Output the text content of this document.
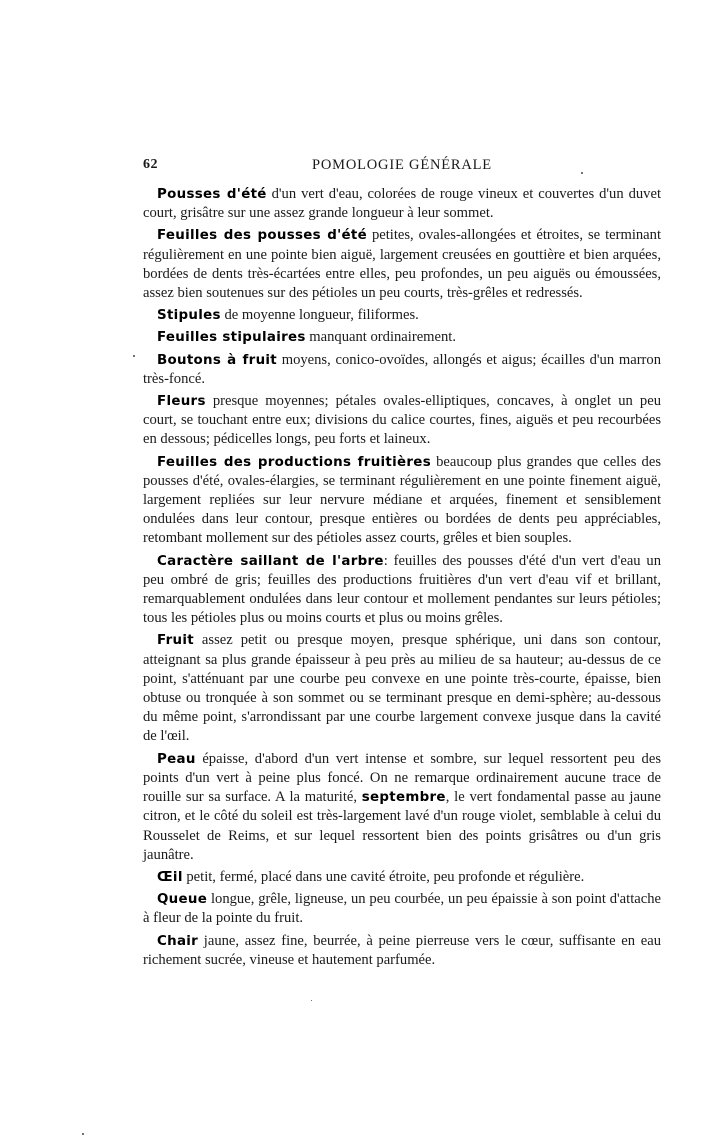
62	POMOLOGIE GÉNÉRALE

Pousses d'été d'un vert d'eau, colorées de rouge vineux et couvertes d'un duvet court, grisâtre sur une assez grande longueur à leur sommet.

Feuilles des pousses d'été petites, ovales-allongées et étroites, se terminant régulièrement en une pointe bien aiguë, largement creusées en gouttière et bien arquées, bordées de dents très-écartées entre elles, peu profondes, un peu aiguës ou émoussées, assez bien soutenues sur des pétioles un peu courts, très-grêles et redressés.

Stipules de moyenne longueur, filiformes.

Feuilles stipulaires manquant ordinairement.

Boutons à fruit moyens, conico-ovoïdes, allongés et aigus; écailles d'un marron très-foncé.

Fleurs presque moyennes; pétales ovales-elliptiques, concaves, à onglet un peu court, se touchant entre eux; divisions du calice courtes, fines, aiguës et peu recourbées en dessous; pédicelles longs, peu forts et laineux.

Feuilles des productions fruitières beaucoup plus grandes que celles des pousses d'été, ovales-élargies, se terminant régulièrement en une pointe finement aiguë, largement repliées sur leur nervure médiane et arquées, finement et sensiblement ondulées dans leur contour, presque entières ou bordées de dents peu appréciables, retombant mollement sur des pétioles assez courts, grêles et bien souples.

Caractère saillant de l'arbre: feuilles des pousses d'été d'un vert d'eau un peu ombré de gris; feuilles des productions fruitières d'un vert d'eau vif et brillant, remarquablement ondulées dans leur contour et mollement pendantes sur leurs pétioles; tous les pétioles plus ou moins courts et plus ou moins grêles.

Fruit assez petit ou presque moyen, presque sphérique, uni dans son contour, atteignant sa plus grande épaisseur à peu près au milieu de sa hauteur; au-dessus de ce point, s'atténuant par une courbe peu convexe en une pointe très-courte, épaisse, bien obtuse ou tronquée à son sommet ou se terminant presque en demi-sphère; au-dessous du même point, s'arrondissant par une courbe largement convexe jusque dans la cavité de l'œil.

Peau épaisse, d'abord d'un vert intense et sombre, sur lequel ressortent peu des points d'un vert à peine plus foncé. On ne remarque ordinairement aucune trace de rouille sur sa surface. A la maturité, septembre, le vert fondamental passe au jaune citron, et le côté du soleil est très-largement lavé d'un rouge violet, semblable à celui du Rousselet de Reims, et sur lequel ressortent bien des points grisâtres ou d'un gris jaunâtre.

Œil petit, fermé, placé dans une cavité étroite, peu profonde et régulière.

Queue longue, grêle, ligneuse, un peu courbée, un peu épaissie à son point d'attache à fleur de la pointe du fruit.

Chair jaune, assez fine, beurrée, à peine pierreuse vers le cœur, suffisante en eau richement sucrée, vineuse et hautement parfumée.
